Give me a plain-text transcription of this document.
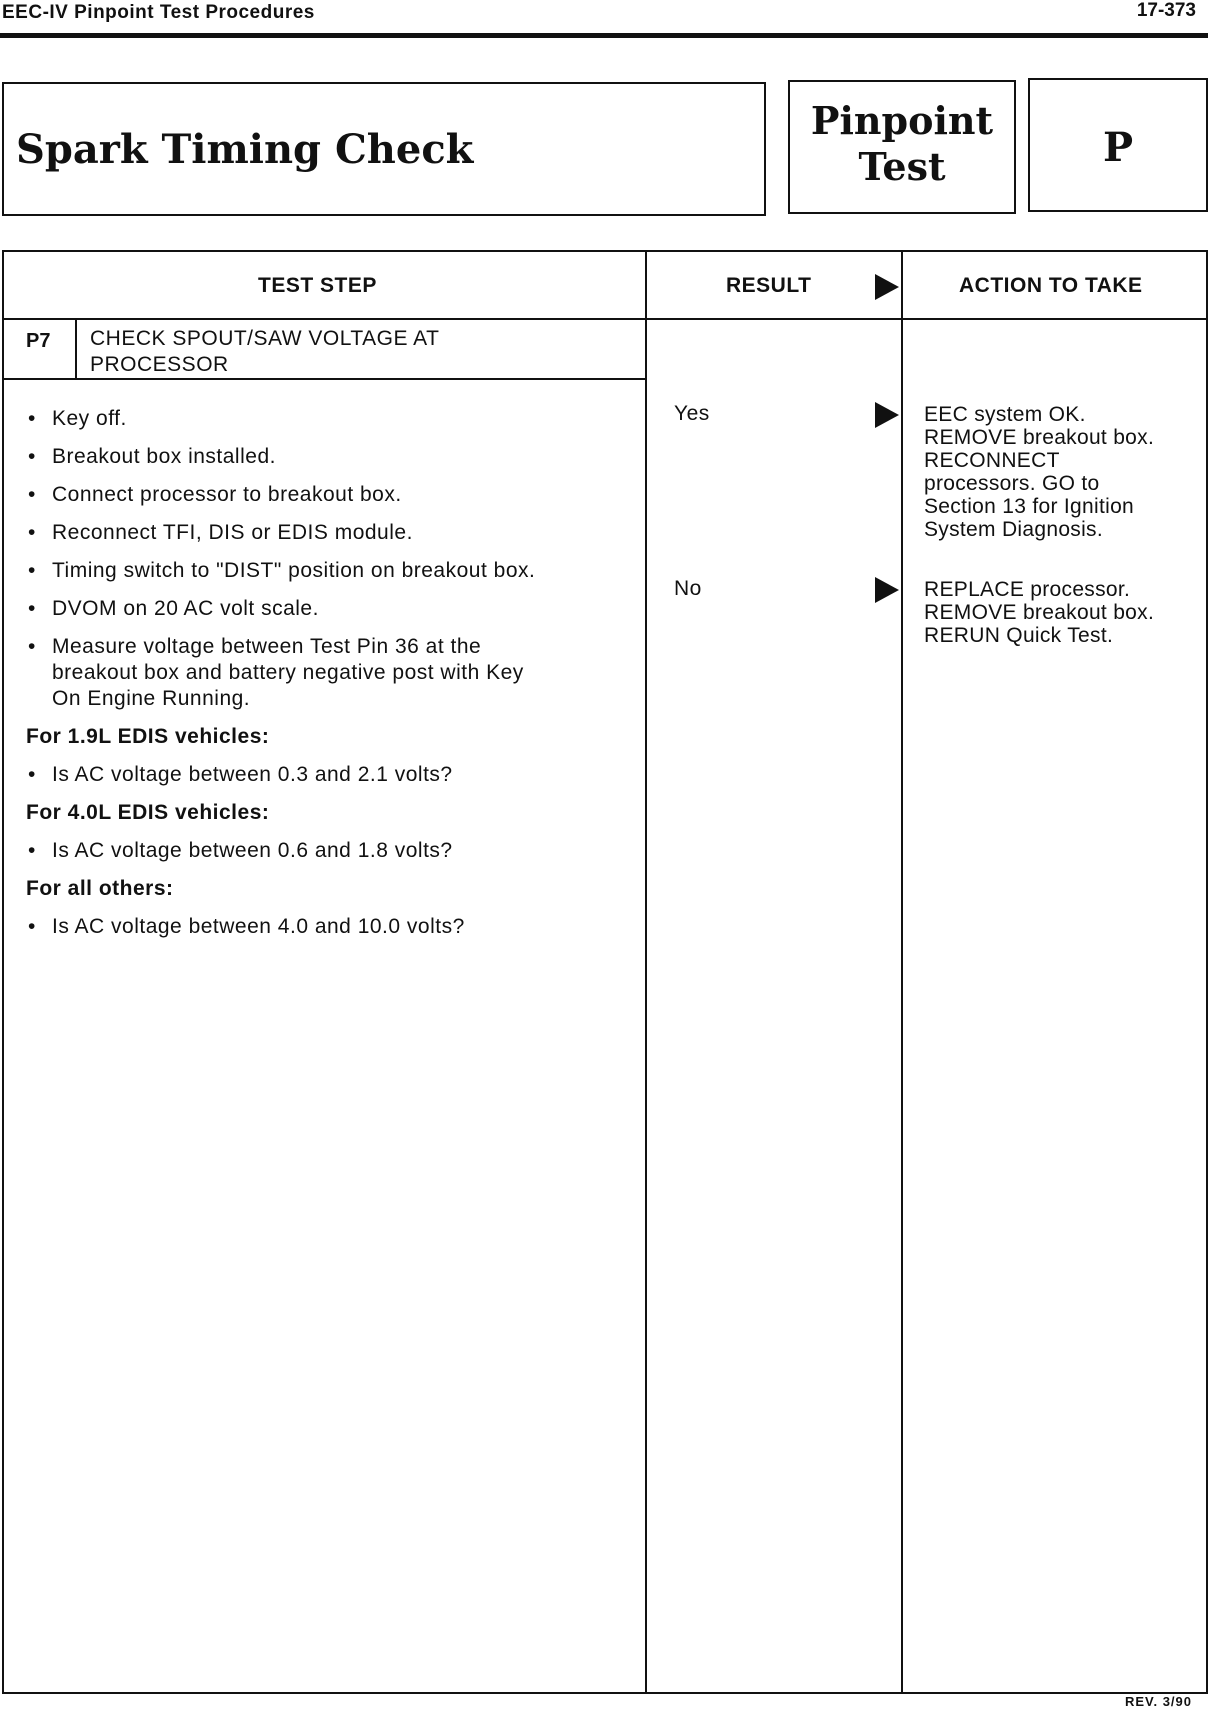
EEC-IV Pinpoint Test Procedures	17-373
Spark Timing Check
Pinpoint
Test	P
TEST STEP	RESULT	ACTION TO TAKE
P7 CHECK SPOUT/SAW VOLTAGE AT
PROCESSOR
• Key off.
• Breakout box installed.
• Connect processor to breakout box.
• Reconnect TFI, DIS or EDIS module.
• Timing switch to "DIST" position on breakout box.
• DVOM on 20 AC volt scale.
• Measure voltage between Test Pin 36 at the
breakout box and battery negative post with Key
On Engine Running.
For 1.9L EDIS vehicles:
• Is AC voltage between 0.3 and 2.1 volts?
For 4.0L EDIS vehicles:
• Is AC voltage between 0.6 and 1.8 volts?
For all others:
• Is AC voltage between 4.0 and 10.0 volts?
Yes	EEC system OK.
REMOVE breakout box.
RECONNECT
processors. GO to
Section 13 for Ignition
System Diagnosis.
No	REPLACE processor.
REMOVE breakout box.
RERUN Quick Test.
REV. 3/90
